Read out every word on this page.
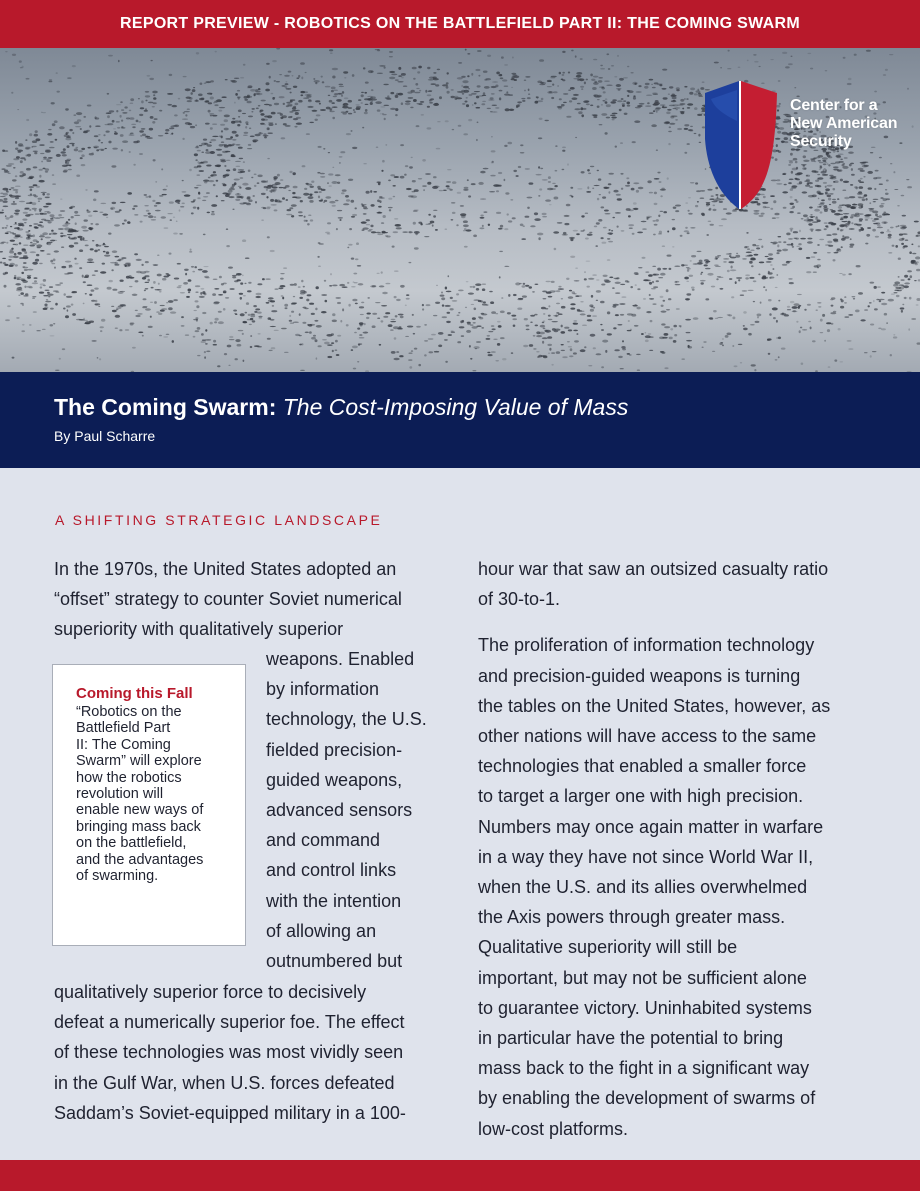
REPORT PREVIEW - ROBOTICS ON THE BATTLEFIELD PART II: THE COMING SWARM
Center for a
New American
Security
The Coming Swarm: The Cost-Imposing Value of Mass
By Paul Scharre
A SHIFTING STRATEGIC LANDSCAPE

In the 1970s, the United States adopted an

“offset” strategy to counter Soviet numerical

superiority with qualitatively superior

weapons. Enabled

by information

technology, the U.S.

fielded precision-

guided weapons,

advanced sensors

and command

and control links

with the intention

of allowing an

outnumbered but

qualitatively superior force to decisively

defeat a numerically superior foe. The effect

of these technologies was most vividly seen

in the Gulf War, when U.S. forces defeated

Saddam’s Soviet-equipped military in a 100-

Coming this Fall

“Robotics on the
Battlefield Part
II: The Coming
Swarm” will explore
how the robotics
revolution will
enable new ways of
bringing mass back
on the battlefield,
and the advantages
of swarming.

hour war that saw an outsized casualty ratio

of 30-to-1.

The proliferation of information technology

and precision-guided weapons is turning

the tables on the United States, however, as

other nations will have access to the same

technologies that enabled a smaller force

to target a larger one with high precision.

Numbers may once again matter in warfare

in a way they have not since World War II,

when the U.S. and its allies overwhelmed

the Axis powers through greater mass.

Qualitative superiority will still be

important, but may not be sufficient alone

to guarantee victory. Uninhabited systems

in particular have the potential to bring

mass back to the fight in a significant way

by enabling the development of swarms of

low-cost platforms.
